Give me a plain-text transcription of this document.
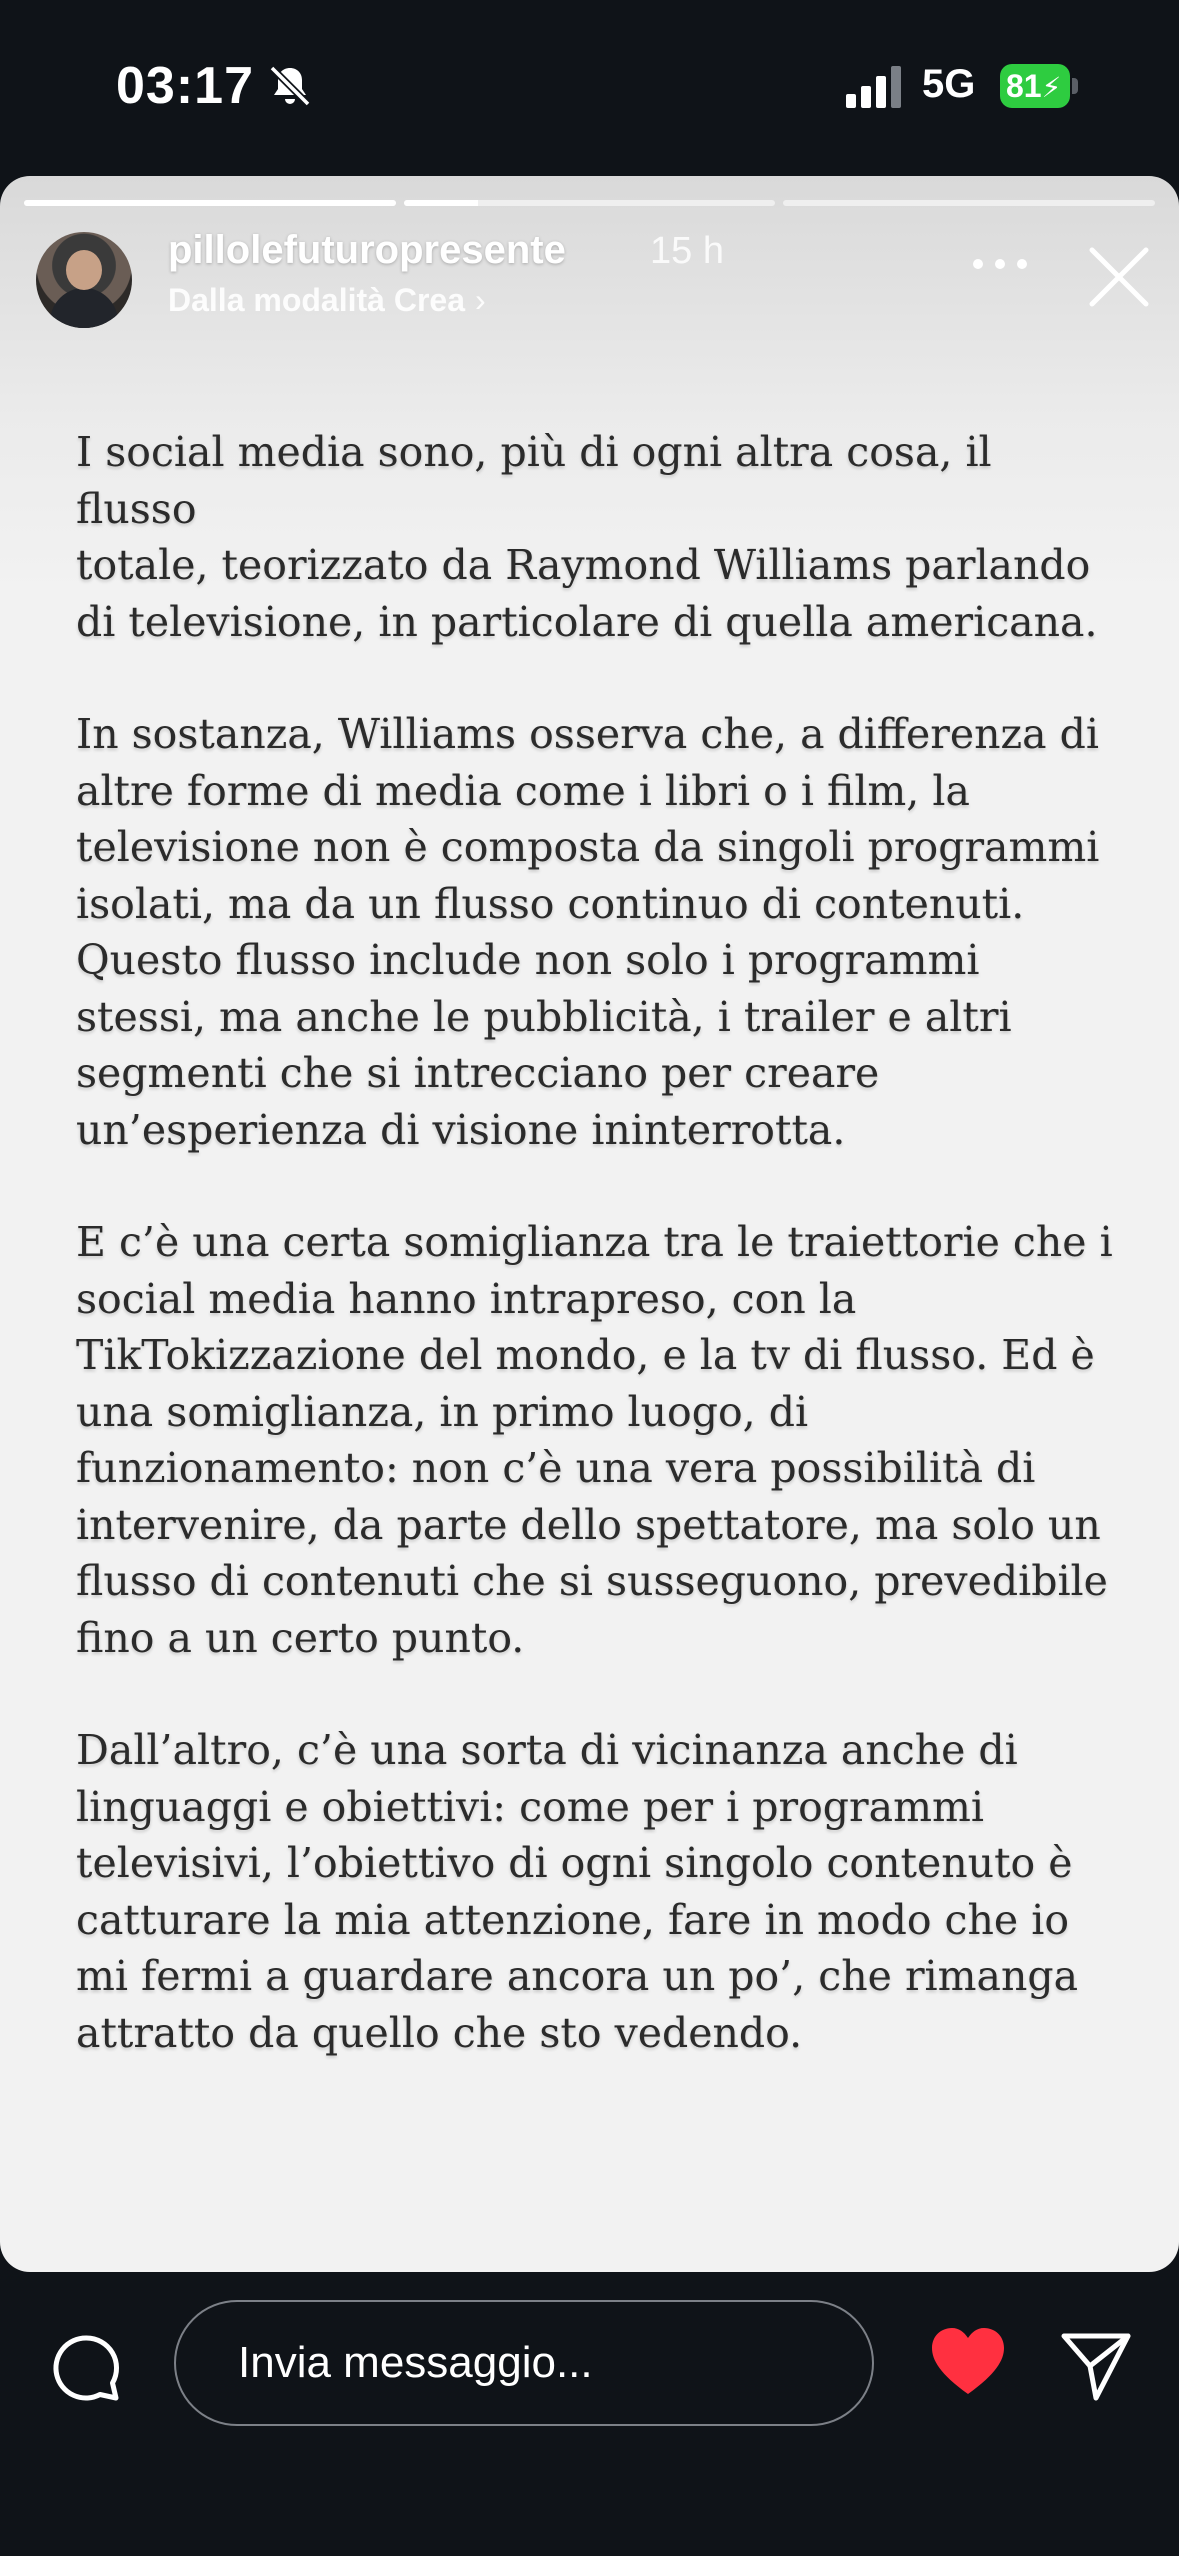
03:17	5G 81⚡
pillolefuturopresente 15 h
Dalla modalità Crea ›

I social media sono, più di ogni altra cosa, il flusso
totale, teorizzato da Raymond Williams parlando
di televisione, in particolare di quella americana.

In sostanza, Williams osserva che, a differenza di
altre forme di media come i libri o i film, la
televisione non è composta da singoli programmi
isolati, ma da un flusso continuo di contenuti.
Questo flusso include non solo i programmi
stessi, ma anche le pubblicità, i trailer e altri
segmenti che si intrecciano per creare
un’esperienza di visione ininterrotta.

E c’è una certa somiglianza tra le traiettorie che i
social media hanno intrapreso, con la
TikTokizzazione del mondo, e la tv di flusso. Ed è
una somiglianza, in primo luogo, di
funzionamento: non c’è una vera possibilità di
intervenire, da parte dello spettatore, ma solo un
flusso di contenuti che si susseguono, prevedibile
fino a un certo punto.

Dall’altro, c’è una sorta di vicinanza anche di
linguaggi e obiettivi: come per i programmi
televisivi, l’obiettivo di ogni singolo contenuto è
catturare la mia attenzione, fare in modo che io
mi fermi a guardare ancora un po’, che rimanga
attratto da quello che sto vedendo.

Invia messaggio...
